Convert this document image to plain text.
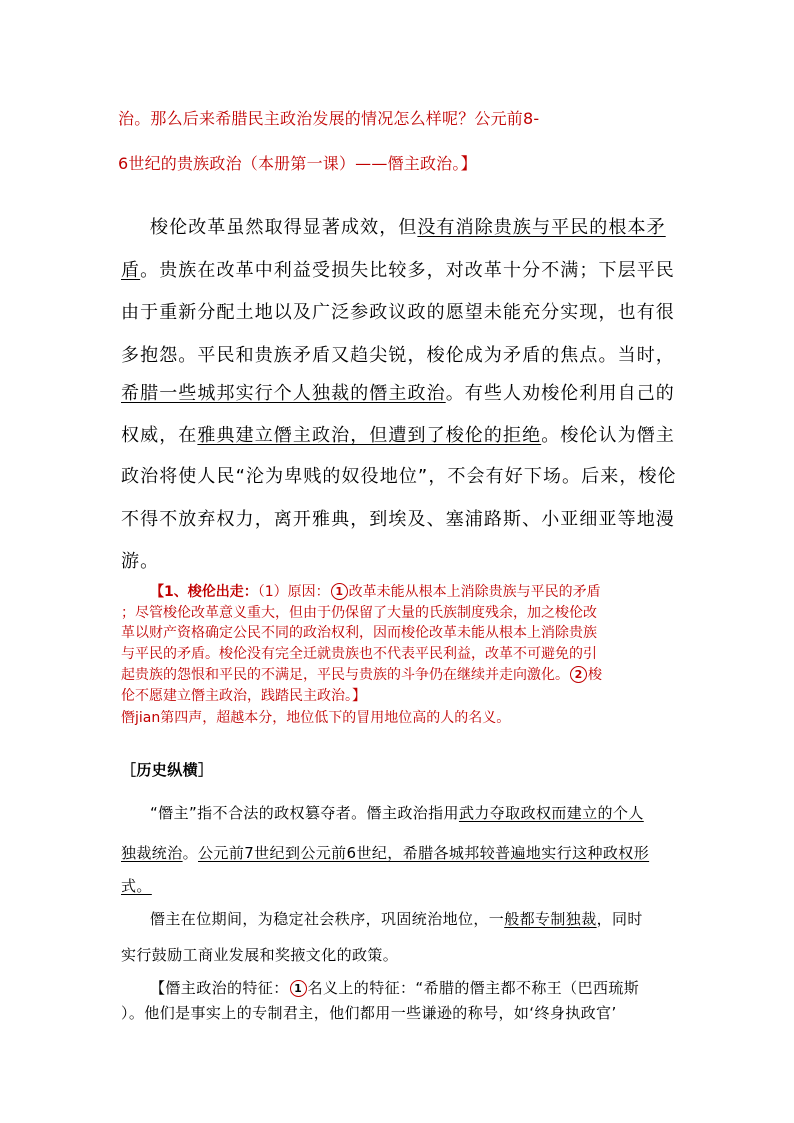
治。那么后来希腊民主政治发展的情况怎么样呢？公元前8-

6世纪的贵族政治（本册第一课）——僭主政治。】

梭伦改革虽然取得显著成效，但没有消除贵族与平民的根本矛

盾。贵族在改革中利益受损失比较多，对改革十分不满；下层平民

由于重新分配土地以及广泛参政议政的愿望未能充分实现，也有很

多抱怨。平民和贵族矛盾又趋尖锐，梭伦成为矛盾的焦点。当时，

希腊一些城邦实行个人独裁的僭主政治。有些人劝梭伦利用自己的

权威，在雅典建立僭主政治，但遭到了梭伦的拒绝。梭伦认为僭主

政治将使人民“沦为卑贱的奴役地位”，不会有好下场。后来，梭伦

不得不放弃权力，离开雅典，到埃及、塞浦路斯、小亚细亚等地漫

游。

【1、梭伦出走：（1）原因： 1 改革未能从根本上消除贵族与平民的矛盾

；尽管梭伦改革意义重大，但由于仍保留了大量的氏族制度残余，加之梭伦改

革以财产资格确定公民不同的政治权利，因而梭伦改革未能从根本上消除贵族

与平民的矛盾。梭伦没有完全迁就贵族也不代表平民利益，改革不可避免的引

起贵族的怨恨和平民的不满足，平民与贵族的斗争仍在继续并走向激化。 2 梭

伦不愿建立僭主政治，践踏民主政治。】

僭jian第四声，超越本分，地位低下的冒用地位高的人的名义。

［历史纵横］

“僭主”指不合法的政权篡夺者。僭主政治指用武力夺取政权而建立的个人

独裁统治。公元前7世纪到公元前6世纪，希腊各城邦较普遍地实行这种政权形

式。

僭主在位期间，为稳定社会秩序，巩固统治地位，一般都专制独裁，同时

实行鼓励工商业发展和奖掖文化的政策。

【僭主政治的特征： 1 名义上的特征：“希腊的僭主都不称王（巴西琉斯

）。他们是事实上的专制君主，他们都用一些谦逊的称号，如‘终身执政官’
